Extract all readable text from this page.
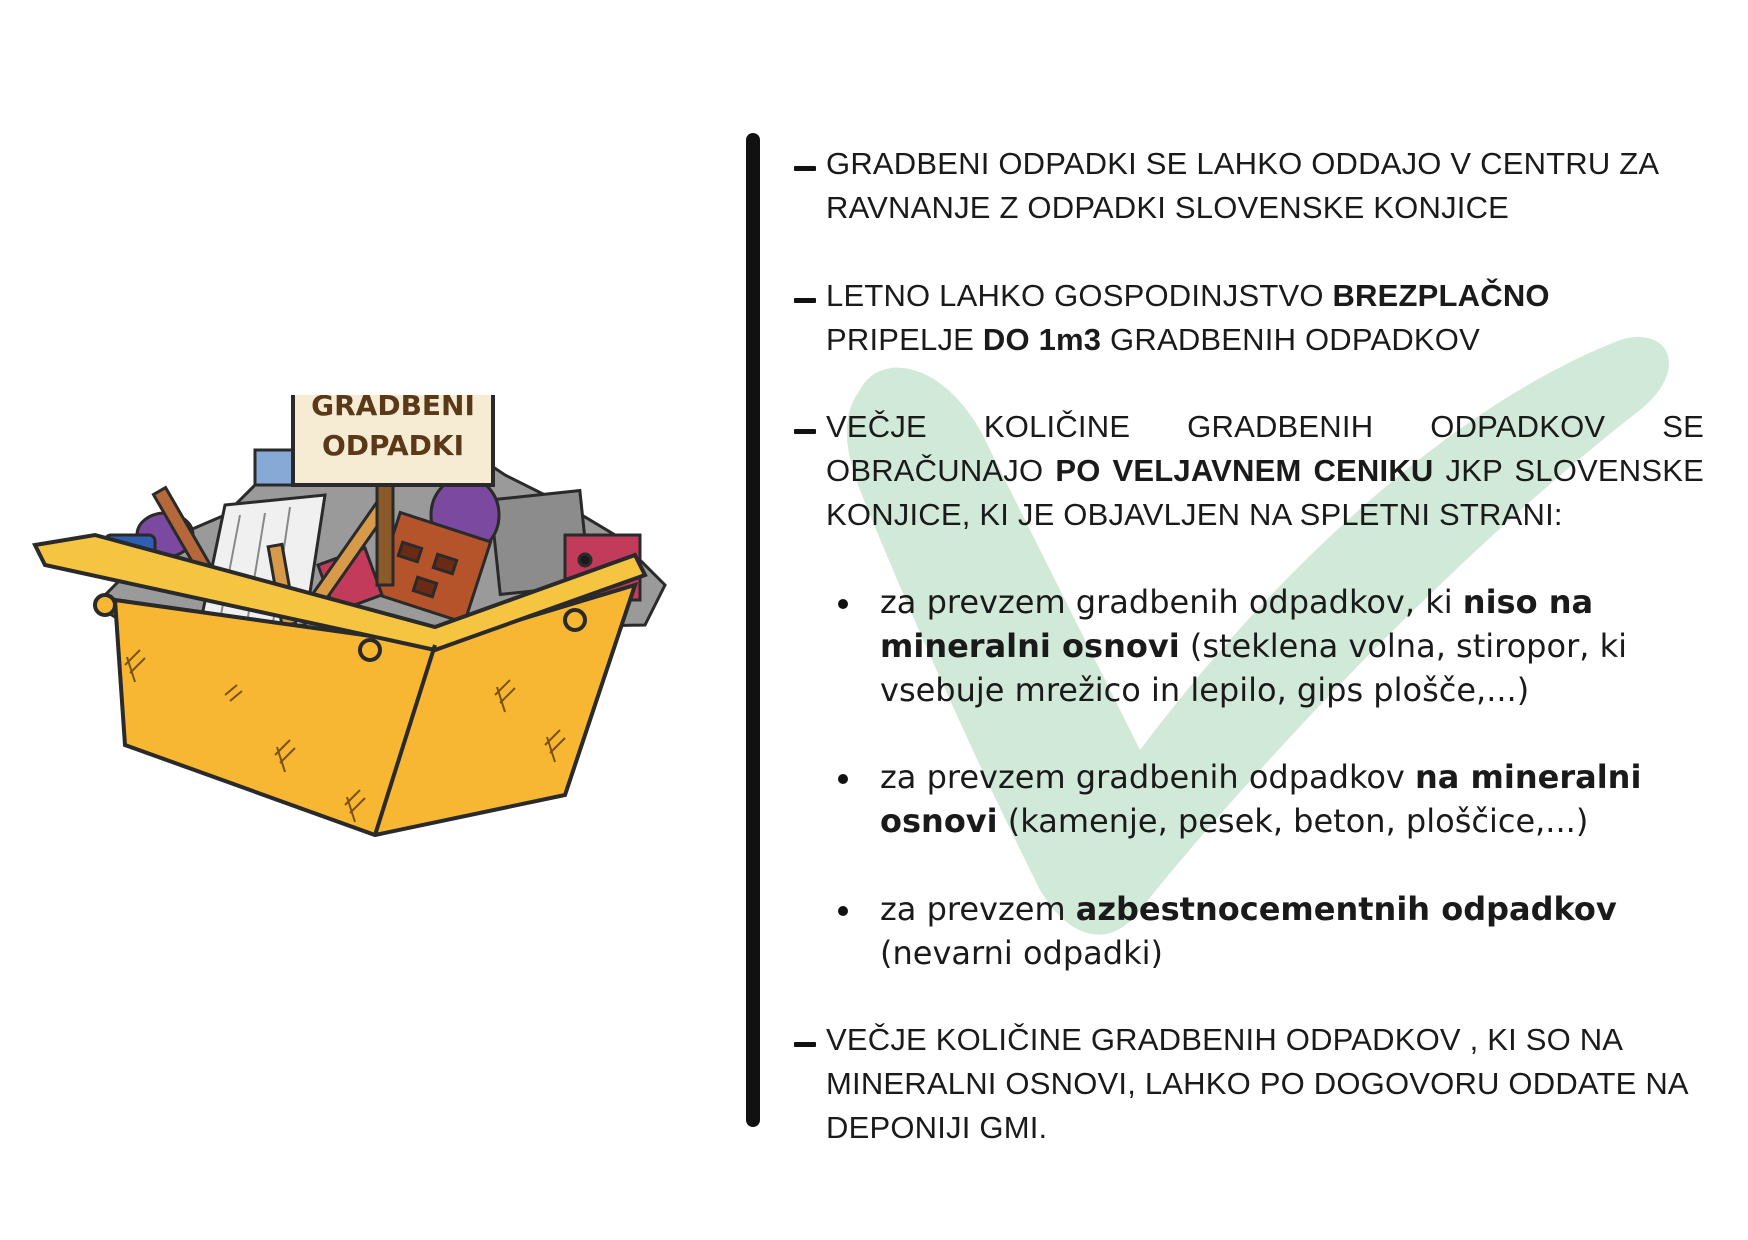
GRADBENI
ODPADKI
GRADBENI ODPADKI SE LAHKO ODDAJO V CENTRU ZA RAVNANJE Z ODPADKI SLOVENSKE KONJICE
LETNO LAHKO GOSPODINJSTVO BREZPLAČNO PRIPELJE DO 1m3 GRADBENIH ODPADKOV
VEČJE KOLIČINE GRADBENIH ODPADKOV SE OBRAČUNAJO PO VELJAVNEM CENIKU JKP SLOVENSKE KONJICE, KI JE OBJAVLJEN NA SPLETNI STRANI:
za prevzem gradbenih odpadkov, ki niso na mineralni osnovi (steklena volna, stiropor, ki vsebuje mrežico in lepilo, gips plošče,...)
za prevzem gradbenih odpadkov na mineralni osnovi (kamenje, pesek, beton, ploščice,...)
za prevzem azbestnocementnih odpadkov (nevarni odpadki)
VEČJE KOLIČINE GRADBENIH ODPADKOV , KI SO NA MINERALNI OSNOVI, LAHKO PO DOGOVORU ODDATE NA DEPONIJI GMI.
